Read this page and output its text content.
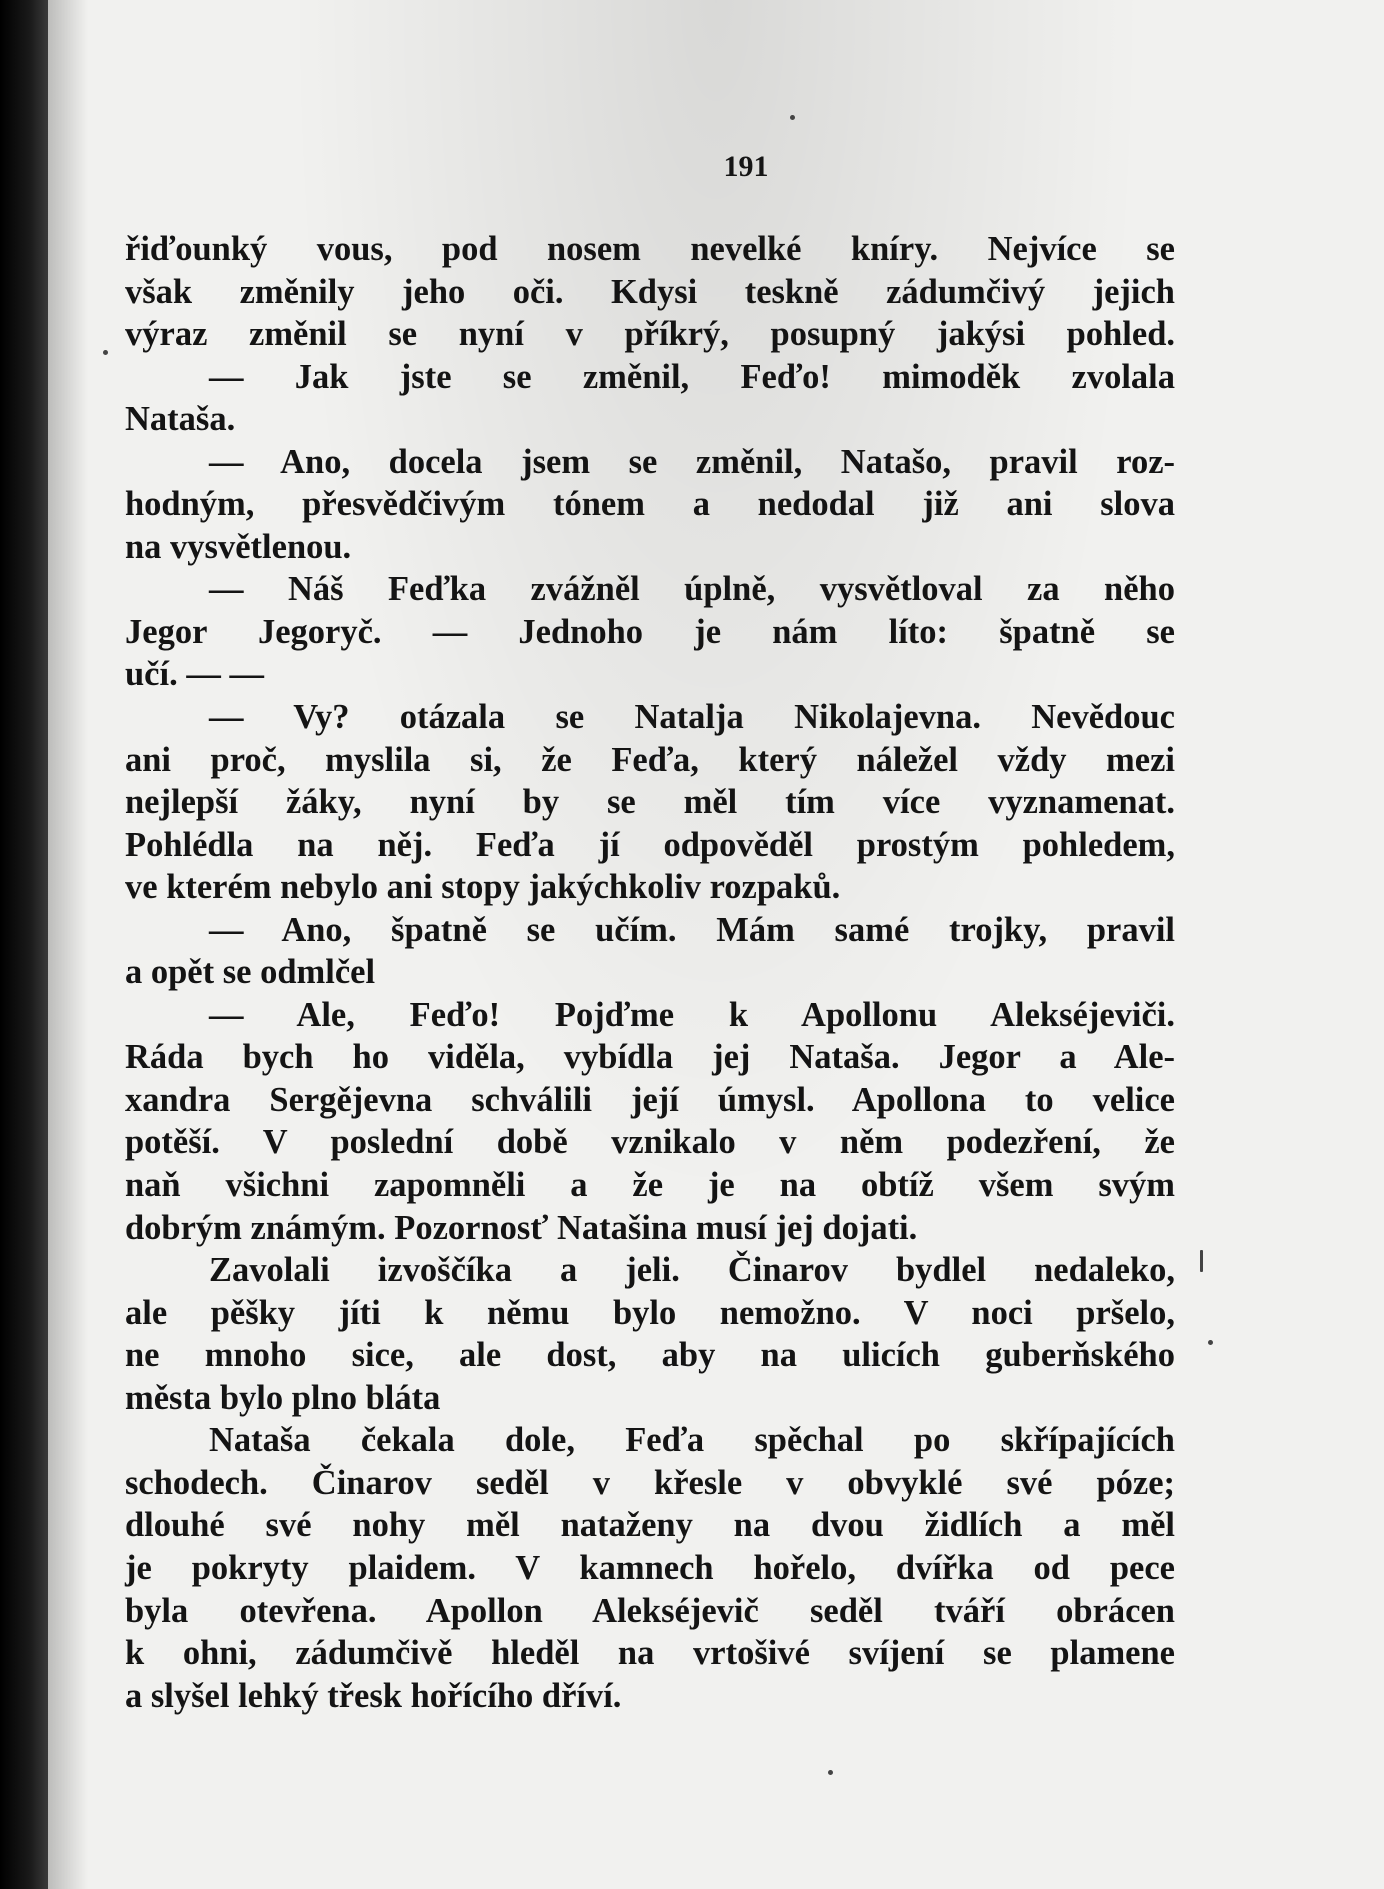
191
řiďounký vous, pod nosem nevelké kníry. Nejvíce se
však změnily jeho oči. Kdysi teskně zádumčivý jejich
výraz změnil se nyní v příkrý, posupný jakýsi pohled.
— Jak jste se změnil, Feďo! mimoděk zvolala
Nataša.
— Ano, docela jsem se změnil, Natašo, pravil roz-
hodným, přesvědčivým tónem a nedodal již ani slova
na vysvětlenou.
— Náš Feďka zvážněl úplně, vysvětloval za něho
Jegor Jegoryč. — Jednoho je nám líto: špatně se
učí. — —
— Vy? otázala se Natalja Nikolajevna. Nevědouc
ani proč, myslila si, že Feďa, který náležel vždy mezi
nejlepší žáky, nyní by se měl tím více vyznamenat.
Pohlédla na něj. Feďa jí odpověděl prostým pohledem,
ve kterém nebylo ani stopy jakýchkoliv rozpaků.
— Ano, špatně se učím. Mám samé trojky, pravil
a opět se odmlčel
— Ale, Feďo! Pojďme k Apollonu Alekséjeviči.
Ráda bych ho viděla, vybídla jej Nataša. Jegor a Ale-
xandra Sergějevna schválili její úmysl. Apollona to velice
potěší. V poslední době vznikalo v něm podezření, že
naň všichni zapomněli a že je na obtíž všem svým
dobrým známým. Pozornosť Natašina musí jej dojati.
Zavolali izvoščíka a jeli. Činarov bydlel nedaleko,
ale pěšky jíti k němu bylo nemožno. V noci pršelo,
ne mnoho sice, ale dost, aby na ulicích guberňského
města bylo plno bláta
Nataša čekala dole, Feďa spěchal po skřípajících
schodech. Činarov seděl v křesle v obvyklé své póze;
dlouhé své nohy měl nataženy na dvou židlích a měl
je pokryty plaidem. V kamnech hořelo, dvířka od pece
byla otevřena. Apollon Alekséjevič seděl tváří obrácen
k ohni, zádumčivě hleděl na vrtošivé svíjení se plamene
a slyšel lehký třesk hořícího dříví.
